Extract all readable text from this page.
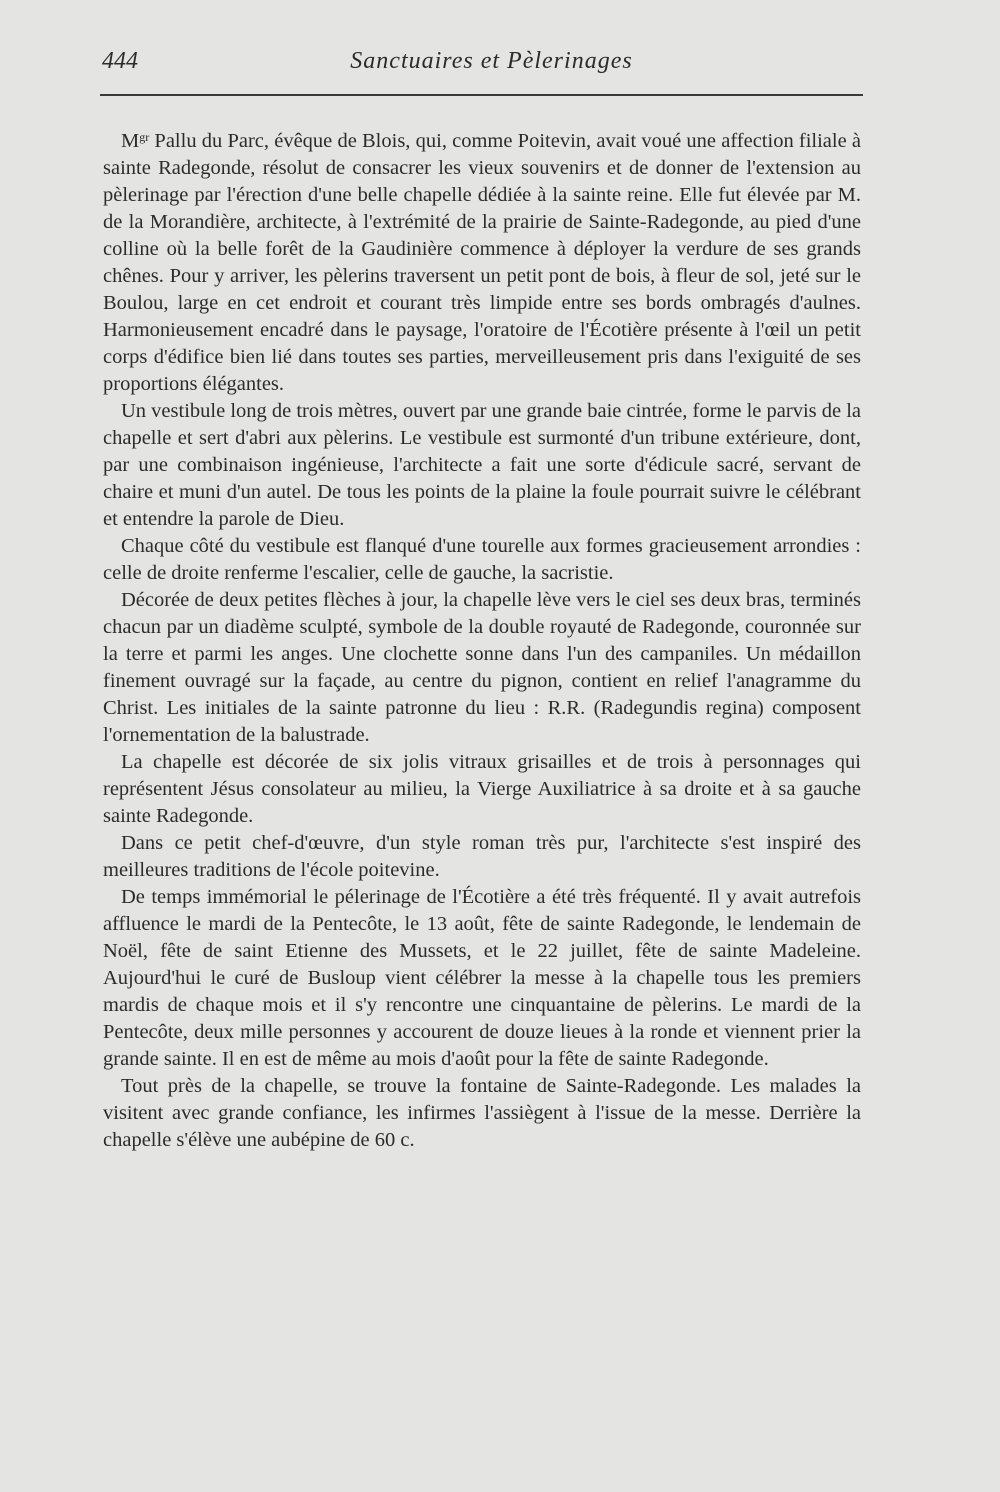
444	Sanctuaires et Pèlerinages

$M^{gr}$ Pallu du Parc, évêque de Blois, qui, comme Poitevin, avait voué une affection filiale à sainte Radegonde, résolut de consacrer les vieux souvenirs et de donner de l'extension au pèlerinage par l'érection d'une belle chapelle dédiée à la sainte reine. Elle fut élevée par M. de la Morandière, architecte, à l'extrémité de la prairie de Sainte-Radegonde, au pied d'une colline où la belle forêt de la Gaudinière commence à déployer la verdure de ses grands chênes. Pour y arriver, les pèlerins traversent un petit pont de bois, à fleur de sol, jeté sur le Boulou, large en cet endroit et courant très limpide entre ses bords ombragés d'aulnes. Harmonieusement encadré dans le paysage, l'oratoire de l'Écotière présente à l'œil un petit corps d'édifice bien lié dans toutes ses parties, merveilleusement pris dans l'exiguité de ses proportions élégantes.

Un vestibule long de trois mètres, ouvert par une grande baie cintrée, forme le parvis de la chapelle et sert d'abri aux pèlerins. Le vestibule est surmonté d'un tribune extérieure, dont, par une combinaison ingénieuse, l'architecte a fait une sorte d'édicule sacré, servant de chaire et muni d'un autel. De tous les points de la plaine la foule pourrait suivre le célébrant et entendre la parole de Dieu.

Chaque côté du vestibule est flanqué d'une tourelle aux formes gracieusement arrondies : celle de droite renferme l'escalier, celle de gauche, la sacristie.

Décorée de deux petites flèches à jour, la chapelle lève vers le ciel ses deux bras, terminés chacun par un diadème sculpté, symbole de la double royauté de Radegonde, couronnée sur la terre et parmi les anges. Une clochette sonne dans l'un des campaniles. Un médaillon finement ouvragé sur la façade, au centre du pignon, contient en relief l'anagramme du Christ. Les initiales de la sainte patronne du lieu : R.R. (Radegundis regina) composent l'ornementation de la balustrade.

La chapelle est décorée de six jolis vitraux grisailles et de trois à personnages qui représentent Jésus consolateur au milieu, la Vierge Auxiliatrice à sa droite et à sa gauche sainte Radegonde.

Dans ce petit chef-d'œuvre, d'un style roman très pur, l'architecte s'est inspiré des meilleures traditions de l'école poitevine.

De temps immémorial le pélerinage de l'Écotière a été très fréquenté. Il y avait autrefois affluence le mardi de la Pentecôte, le 13 août, fête de sainte Radegonde, le lendemain de Noël, fête de saint Etienne des Mussets, et le 22 juillet, fête de sainte Madeleine. Aujourd'hui le curé de Busloup vient célébrer la messe à la chapelle tous les premiers mardis de chaque mois et il s'y rencontre une cinquantaine de pèlerins. Le mardi de la Pentecôte, deux mille personnes y accourent de douze lieues à la ronde et viennent prier la grande sainte. Il en est de même au mois d'août pour la fête de sainte Radegonde.

Tout près de la chapelle, se trouve la fontaine de Sainte-Radegonde. Les malades la visitent avec grande confiance, les infirmes l'assiègent à l'issue de la messe. Derrière la chapelle s'élève une aubépine de 60 c.
